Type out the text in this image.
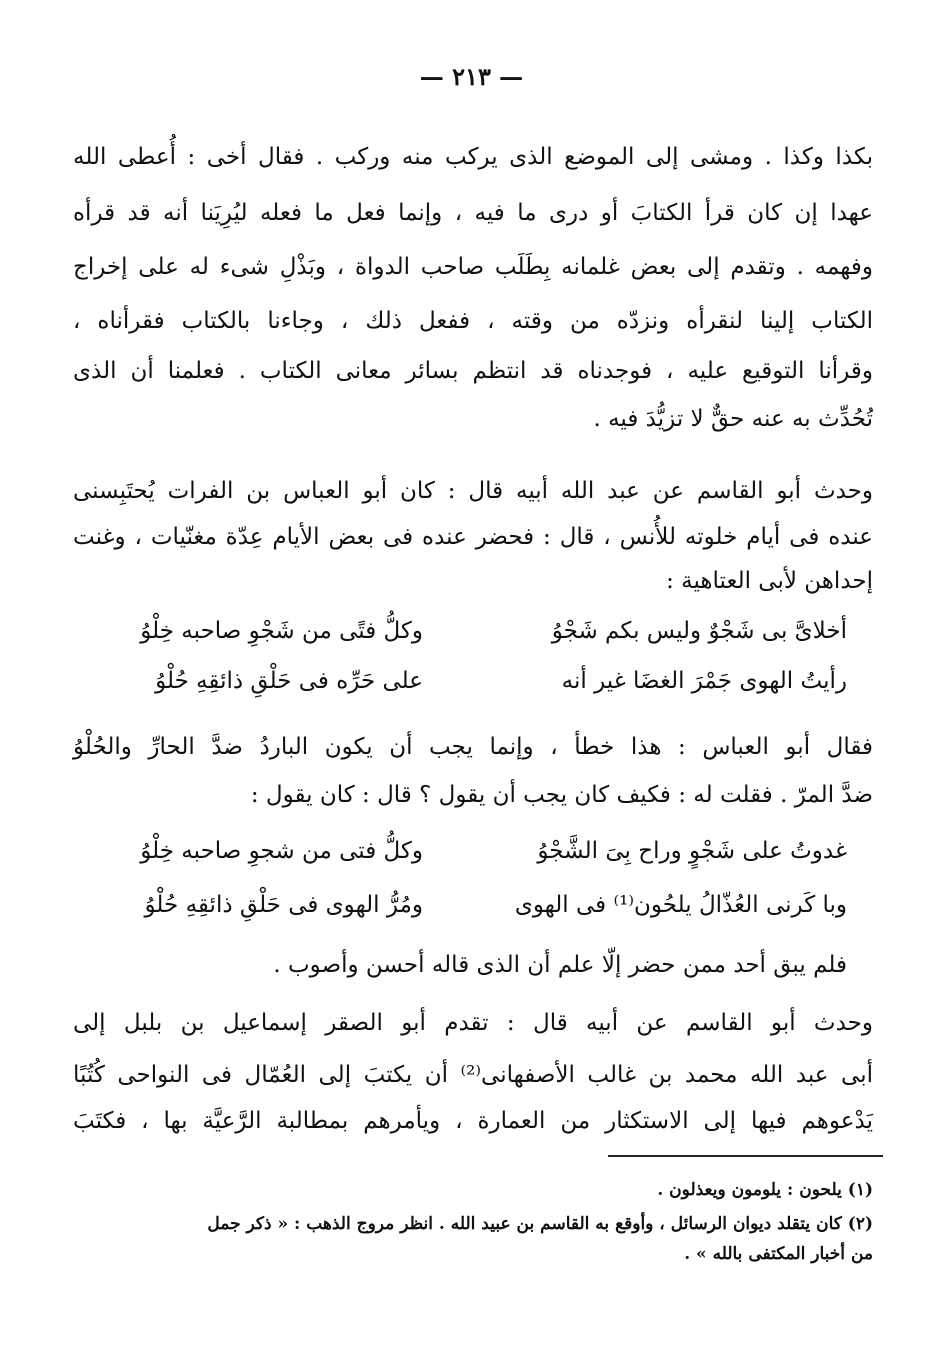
— ٢١٣ —
بكذا وكذا . ومشى إلى الموضع الذى يركب منه وركب . فقال أخى : أُعطى الله
عهدا إن كان قرأ الكتابَ أو درى ما فيه ، وإنما فعل ما فعله ليُرِيَنا أنه قد قرأه
وفهمه . وتقدم إلى بعض غلمانه بِطَلَب صاحب الدواة ، وبَذْلِ شىء له على إخراج
الكتاب إلينا لنقرأه ونزدّه من وقته ، ففعل ذلك ، وجاءنا بالكتاب فقرأناه ،
وقرأنا التوقيع عليه ، فوجدناه قد انتظم بسائر معانى الكتاب . فعلمنا أن الذى
تُحُدِّث به عنه حقٌّ لا تزيُّدَ فيه .
وحدث أبو القاسم عن عبد الله أبيه قال : كان أبو العباس بن الفرات يُحتَبِسنى
عنده فى أيام خلوته للأُنس ، قال : فحضر عنده فى بعض الأيام عِدّة مغنّيات ، وغنت
إحداهن لأبى العتاهية :
أخلاىَّ بى شَجْوٌ وليس بكم شَجْوُ
وكلُّ فتًى من شَجْوِ صاحبه خِلْوُ
رأيتُ الهوى جَمْرَ الغضَا غير أنه
على حَرِّه فى حَلْقِ ذائقِهِ حُلْوُ
فقال أبو العباس : هذا خطأ ، وإنما يجب أن يكون الباردُ ضدَّ الحارِّ والحُلْوُ
ضدَّ المرّ . فقلت له : فكيف كان يجب أن يقول ؟ قال : كان يقول :
غدوتُ على شَجْوٍ وراح بِىَ الشَّجْوُ
وكلُّ فتى من شجوِ صاحبه خِلْوُ
وبا كَرنى العُذّالُ يلحُون⁽¹⁾ فى الهوى
ومُرُّ الهوى فى حَلْقِ ذائقِهِ حُلْوُ
فلم يبق أحد ممن حضر إلّا علم أن الذى قاله أحسن وأصوب .
وحدث أبو القاسم عن أبيه قال : تقدم أبو الصقر إسماعيل بن بلبل إلى
أبى عبد الله محمد بن غالب الأصفهانى⁽²⁾ أن يكتبَ إلى العُمّال فى النواحى كُتُبًا
يَدْعوهم فيها إلى الاستكثار من العمارة ، ويأمرهم بمطالبة الرَّعيَّة بها ، فكتَبَ
(١) يلحون : يلومون ويعذلون .
(٢) كان يتقلد ديوان الرسائل ، وأوقع به القاسم بن عبيد الله . انظر مروج الذهب : « ذكر جمل
من أخبار المكتفى بالله » .
